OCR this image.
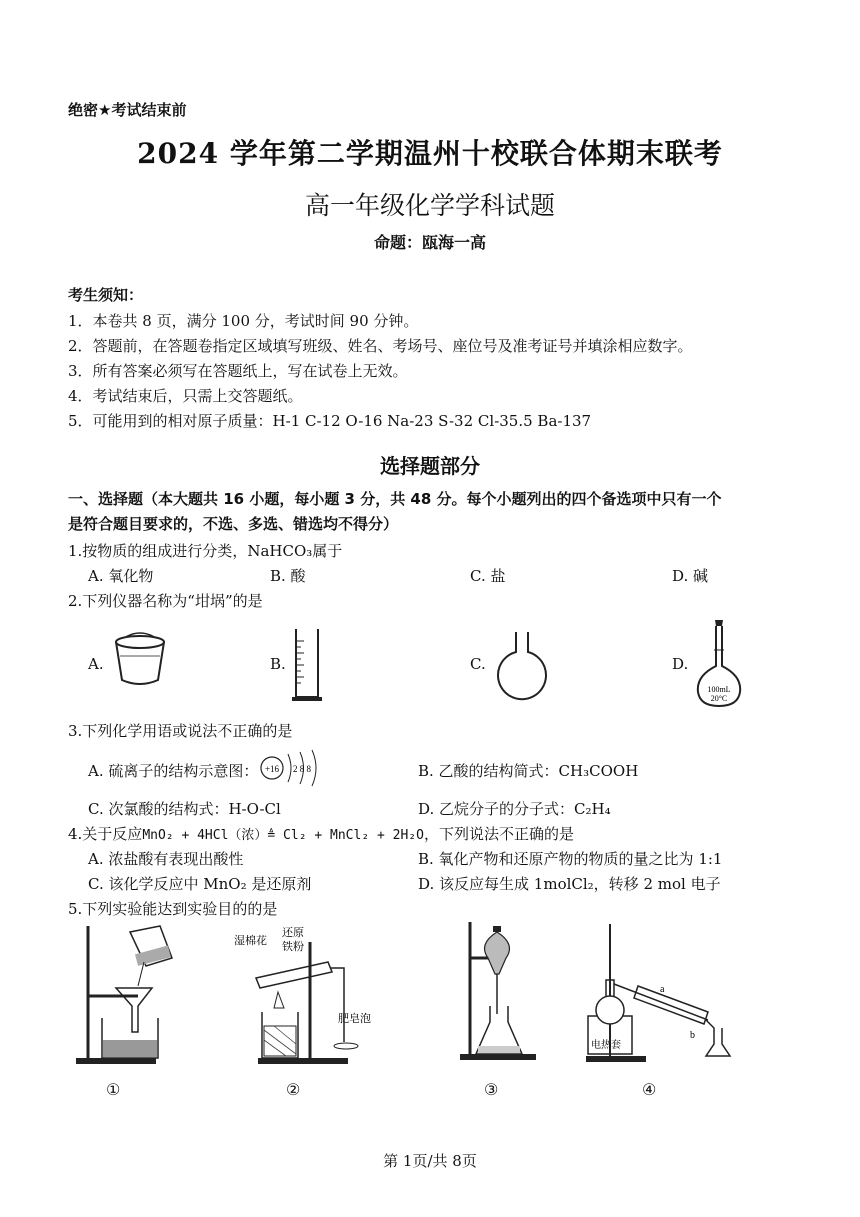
绝密★考试结束前
2024 学年第二学期温州十校联合体期末联考
高一年级化学学科试题
命题：瓯海一高
考生须知：
1．本卷共 8 页，满分 100 分，考试时间 90 分钟。
2．答题前，在答题卷指定区域填写班级、姓名、考场号、座位号及准考证号并填涂相应数字。
3．所有答案必须写在答题纸上，写在试卷上无效。
4．考试结束后，只需上交答题纸。
5．可能用到的相对原子质量：H-1 C-12 O-16 Na-23 S-32 Cl-35.5 Ba-137
选择题部分
一、选择题（本大题共 16 小题，每小题 3 分，共 48 分。每个小题列出的四个备选项中只有一个
是符合题目要求的，不选、多选、错选均不得分）
1.按物质的组成进行分类，NaHCO₃属于
A. 氧化物	B. 酸	C. 盐	D. 碱
2.下列仪器名称为“坩埚”的是
A.	B.	C.	D.
100mL
20°C
3.下列化学用语或说法不正确的是
A. 硫离子的结构示意图： +16 2 8 8	B. 乙酸的结构简式：CH₃COOH
C. 次氯酸的结构式：H-O-Cl	D. 乙烷分子的分子式：C₂H₄
4.关于反应MnO₂ + 4HCl（浓）≜ Cl₂ + MnCl₂ + 2H₂O，下列说法不正确的是
A. 浓盐酸有表现出酸性	B. 氧化产物和还原产物的物质的量之比为 1:1
C. 该化学反应中 MnO₂ 是还原剂	D. 该反应每生成 1molCl₂，转移 2 mol 电子
5.下列实验能达到实验目的的是
湿棉花
还原
铁粉
肥皂泡
电热套
a
b
①	②	③	④
第 1页/共 8页
